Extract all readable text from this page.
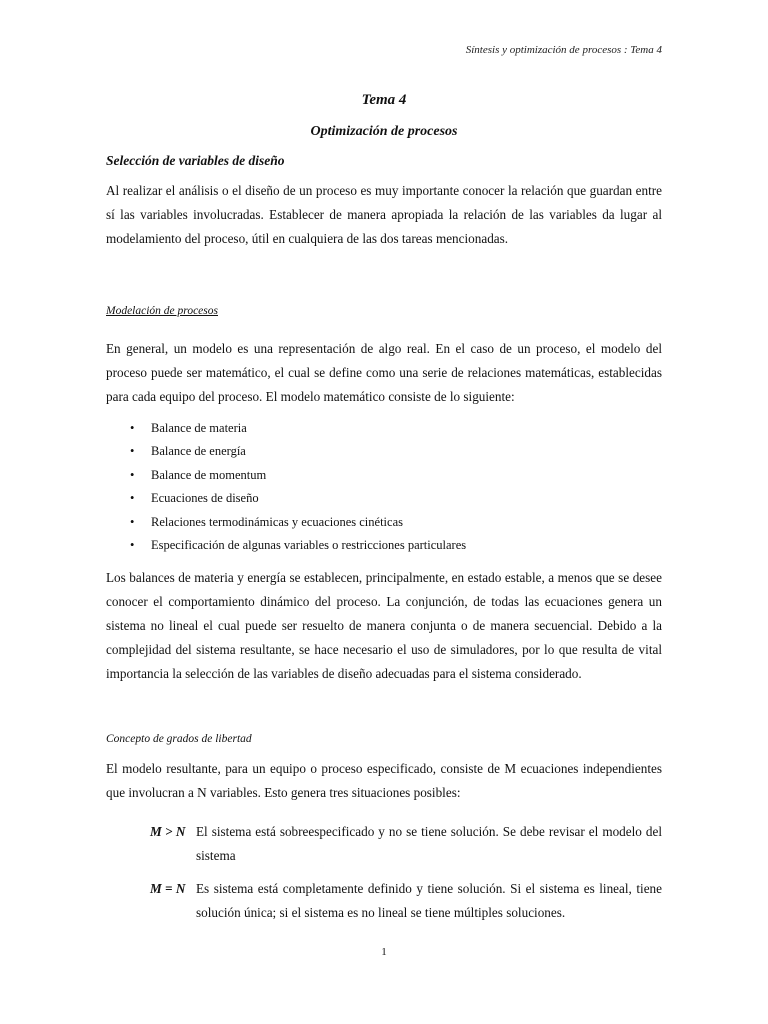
Síntesis y optimización de procesos : Tema 4
Tema 4
Optimización de procesos
Selección de variables de diseño

Al realizar el análisis o el diseño de un proceso es muy importante conocer la relación que guardan entre sí las variables involucradas. Establecer de manera apropiada la relación de las variables da lugar al modelamiento del proceso, útil en cualquiera de las dos tareas mencionadas.

Modelación de procesos

En general, un modelo es una representación de algo real. En el caso de un proceso, el modelo del proceso puede ser matemático, el cual se define como una serie de relaciones matemáticas, establecidas para cada equipo del proceso. El modelo matemático consiste de lo siguiente:

•	Balance de materia
•	Balance de energía
•	Balance de momentum
•	Ecuaciones de diseño
•	Relaciones termodinámicas y ecuaciones cinéticas
•	Especificación de algunas variables o restricciones particulares

Los balances de materia y energía se establecen, principalmente, en estado estable, a menos que se desee conocer el comportamiento dinámico del proceso. La conjunción, de todas las ecuaciones genera un sistema no lineal el cual puede ser resuelto de manera conjunta o de manera secuencial. Debido a la complejidad del sistema resultante, se hace necesario el uso de simuladores, por lo que resulta de vital importancia la selección de las variables de diseño adecuadas para el sistema considerado.

Concepto de grados de libertad

El modelo resultante, para un equipo o proceso especificado, consiste de M ecuaciones independientes que involucran a N variables. Esto genera tres situaciones posibles:

M > N El sistema está sobreespecificado y no se tiene solución. Se debe revisar el modelo del sistema
M = N Es sistema está completamente definido y tiene solución. Si el sistema es lineal, tiene solución única; si el sistema es no lineal se tiene múltiples soluciones.
1
